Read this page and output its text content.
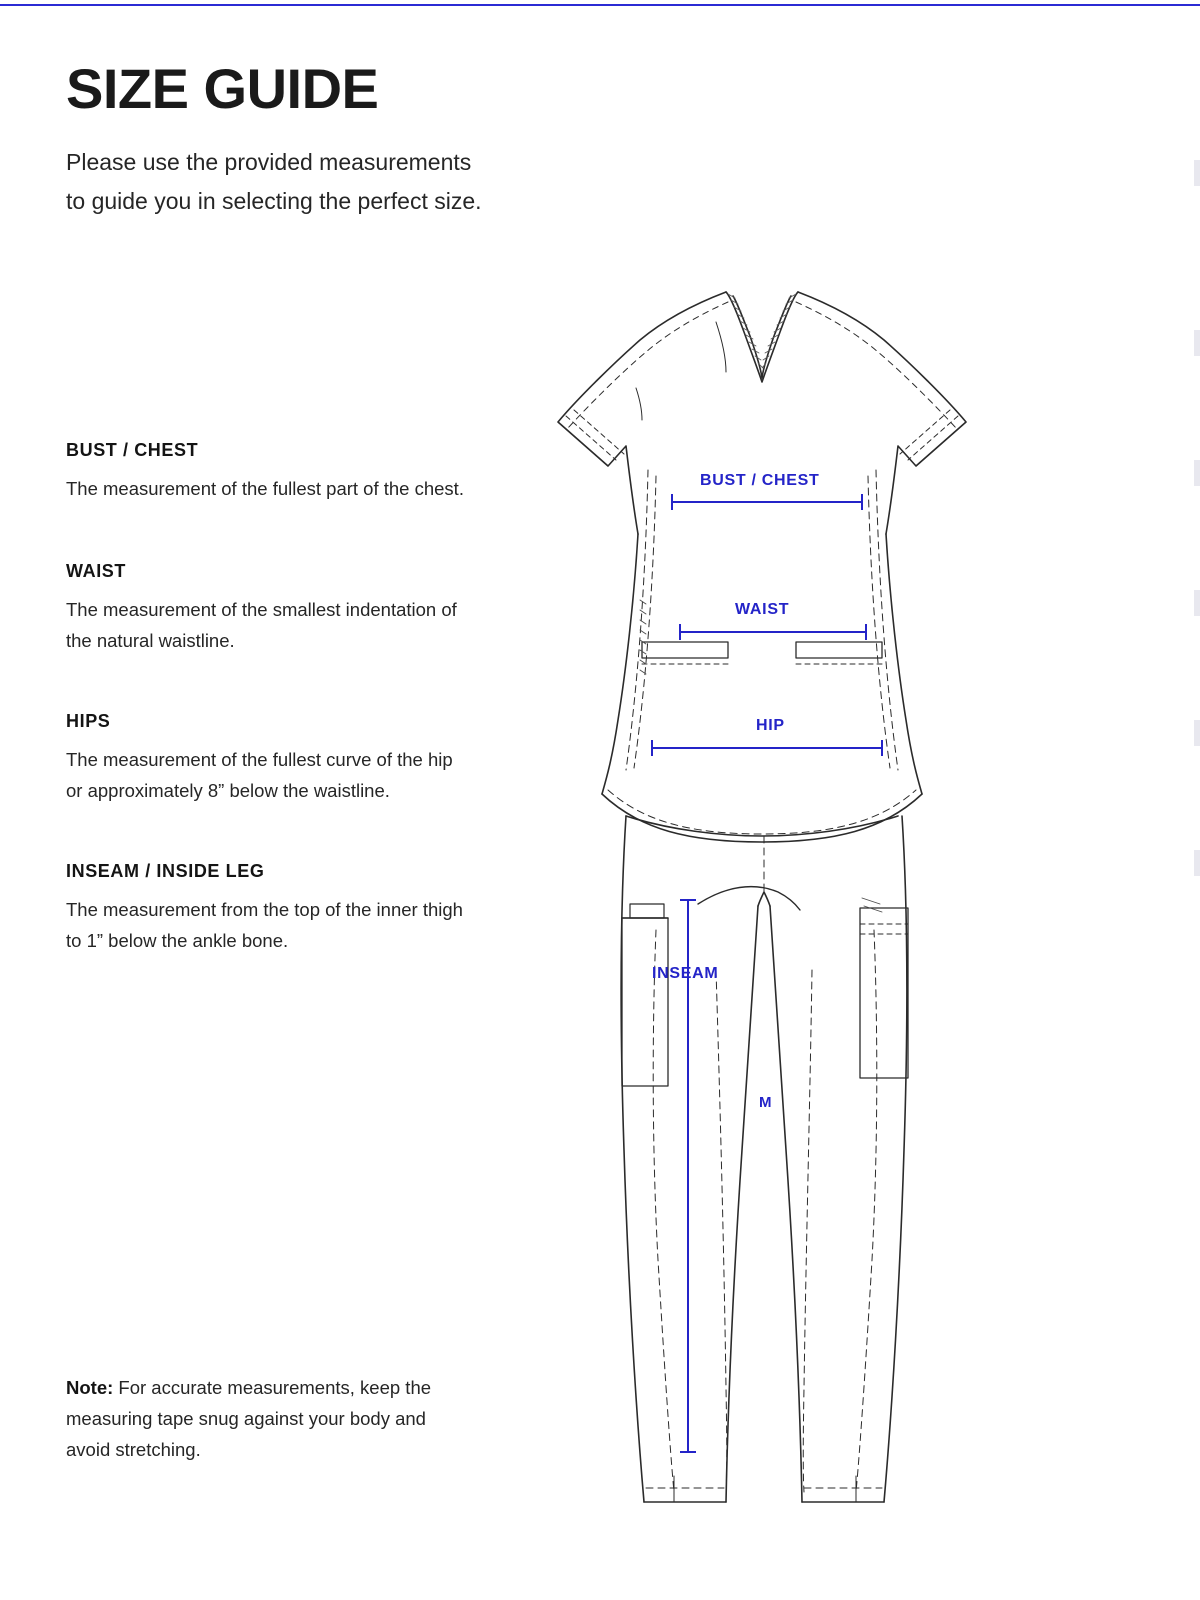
SIZE GUIDE

Please use the provided measurements to guide you in selecting the perfect size.

BUST / CHEST

The measurement of the fullest part of the chest.

WAIST

The measurement of the smallest indentation of the natural waistline.

HIPS

The measurement of the fullest curve of the hip or approximately 8” below the waistline.

INSEAM / INSIDE LEG

The measurement from the top of the inner thigh to 1” below the ankle bone.

Note: For accurate measurements, keep the measuring tape snug against your body and avoid stretching.
BUST / CHEST
WAIST
HIP
INSEAM
M
